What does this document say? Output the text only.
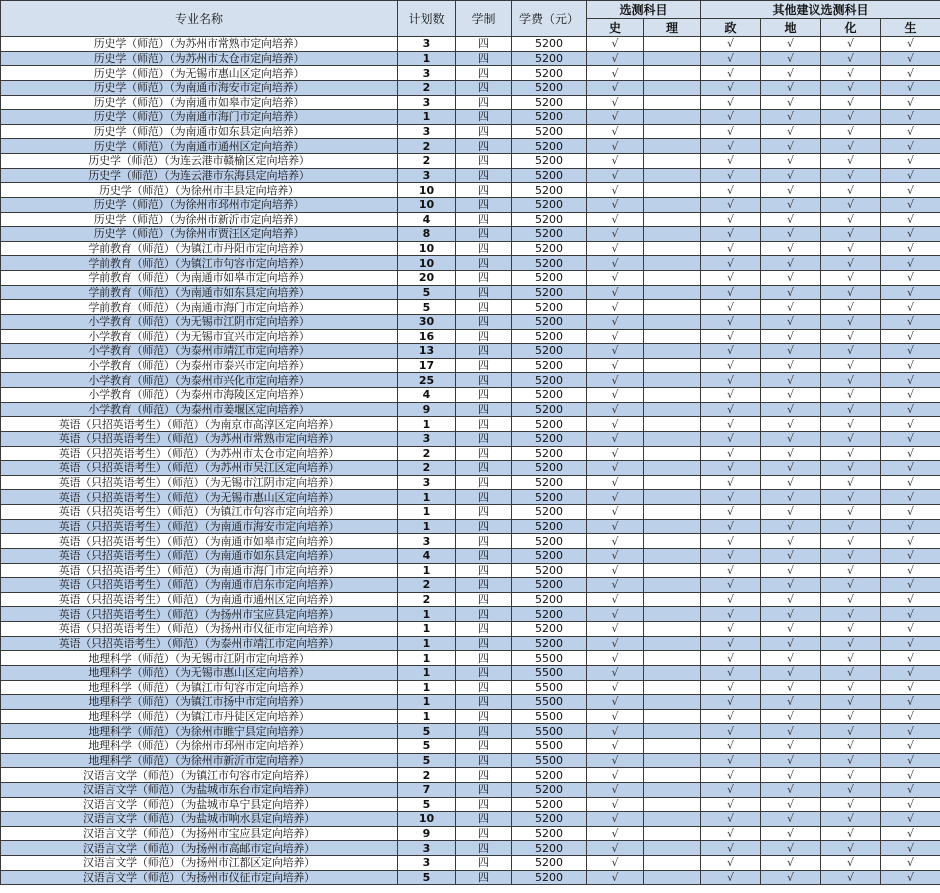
专业名称	计划数	学制	学费（元）	选测科目		其他建议选测科目			
				史	理	政	地	化	生
历史学（师范）（为苏州市常熟市定向培养）	3	四	5200	√		√	√	√	√
历史学（师范）（为苏州市太仓市定向培养）	1	四	5200	√		√	√	√	√
历史学（师范）（为无锡市惠山区定向培养）	3	四	5200	√		√	√	√	√
历史学（师范）（为南通市海安市定向培养）	2	四	5200	√		√	√	√	√
历史学（师范）（为南通市如皋市定向培养）	3	四	5200	√		√	√	√	√
历史学（师范）（为南通市海门市定向培养）	1	四	5200	√		√	√	√	√
历史学（师范）（为南通市如东县定向培养）	3	四	5200	√		√	√	√	√
历史学（师范）（为南通市通州区定向培养）	2	四	5200	√		√	√	√	√
历史学（师范）（为连云港市赣榆区定向培养）	2	四	5200	√		√	√	√	√
历史学（师范）（为连云港市东海县定向培养）	3	四	5200	√		√	√	√	√
历史学（师范）（为徐州市丰县定向培养）	10	四	5200	√		√	√	√	√
历史学（师范）（为徐州市邳州市定向培养）	10	四	5200	√		√	√	√	√
历史学（师范）（为徐州市新沂市定向培养）	4	四	5200	√		√	√	√	√
历史学（师范）（为徐州市贾汪区定向培养）	8	四	5200	√		√	√	√	√
学前教育（师范）（为镇江市丹阳市定向培养）	10	四	5200	√		√	√	√	√
学前教育（师范）（为镇江市句容市定向培养）	10	四	5200	√		√	√	√	√
学前教育（师范）（为南通市如皋市定向培养）	20	四	5200	√		√	√	√	√
学前教育（师范）（为南通市如东县定向培养）	5	四	5200	√		√	√	√	√
学前教育（师范）（为南通市海门市定向培养）	5	四	5200	√		√	√	√	√
小学教育（师范）（为无锡市江阴市定向培养）	30	四	5200	√		√	√	√	√
小学教育（师范）（为无锡市宜兴市定向培养）	16	四	5200	√		√	√	√	√
小学教育（师范）（为泰州市靖江市定向培养）	13	四	5200	√		√	√	√	√
小学教育（师范）（为泰州市泰兴市定向培养）	17	四	5200	√		√	√	√	√
小学教育（师范）（为泰州市兴化市定向培养）	25	四	5200	√		√	√	√	√
小学教育（师范）（为泰州市海陵区定向培养）	4	四	5200	√		√	√	√	√
小学教育（师范）（为泰州市姜堰区定向培养）	9	四	5200	√		√	√	√	√
英语（只招英语考生）（师范）（为南京市高淳区定向培养）	1	四	5200	√		√	√	√	√
英语（只招英语考生）（师范）（为苏州市常熟市定向培养）	3	四	5200	√		√	√	√	√
英语（只招英语考生）（师范）（为苏州市太仓市定向培养）	2	四	5200	√		√	√	√	√
英语（只招英语考生）（师范）（为苏州市吴江区定向培养）	2	四	5200	√		√	√	√	√
英语（只招英语考生）（师范）（为无锡市江阴市定向培养）	3	四	5200	√		√	√	√	√
英语（只招英语考生）（师范）（为无锡市惠山区定向培养）	1	四	5200	√		√	√	√	√
英语（只招英语考生）（师范）（为镇江市句容市定向培养）	1	四	5200	√		√	√	√	√
英语（只招英语考生）（师范）（为南通市海安市定向培养）	1	四	5200	√		√	√	√	√
英语（只招英语考生）（师范）（为南通市如皋市定向培养）	3	四	5200	√		√	√	√	√
英语（只招英语考生）（师范）（为南通市如东县定向培养）	4	四	5200	√		√	√	√	√
英语（只招英语考生）（师范）（为南通市海门市定向培养）	1	四	5200	√		√	√	√	√
英语（只招英语考生）（师范）（为南通市启东市定向培养）	2	四	5200	√		√	√	√	√
英语（只招英语考生）（师范）（为南通市通州区定向培养）	2	四	5200	√		√	√	√	√
英语（只招英语考生）（师范）（为扬州市宝应县定向培养）	1	四	5200	√		√	√	√	√
英语（只招英语考生）（师范）（为扬州市仪征市定向培养）	1	四	5200	√		√	√	√	√
英语（只招英语考生）（师范）（为泰州市靖江市定向培养）	1	四	5200	√		√	√	√	√
地理科学（师范）（为无锡市江阴市定向培养）	1	四	5500	√		√	√	√	√
地理科学（师范）（为无锡市惠山区定向培养）	1	四	5500	√		√	√	√	√
地理科学（师范）（为镇江市句容市定向培养）	1	四	5500	√		√	√	√	√
地理科学（师范）（为镇江市扬中市定向培养）	1	四	5500	√		√	√	√	√
地理科学（师范）（为镇江市丹徒区定向培养）	1	四	5500	√		√	√	√	√
地理科学（师范）（为徐州市睢宁县定向培养）	5	四	5500	√		√	√	√	√
地理科学（师范）（为徐州市邳州市定向培养）	5	四	5500	√		√	√	√	√
地理科学（师范）（为徐州市新沂市定向培养）	5	四	5500	√		√	√	√	√
汉语言文学（师范）（为镇江市句容市定向培养）	2	四	5200	√		√	√	√	√
汉语言文学（师范）（为盐城市东台市定向培养）	7	四	5200	√		√	√	√	√
汉语言文学（师范）（为盐城市阜宁县定向培养）	5	四	5200	√		√	√	√	√
汉语言文学（师范）（为盐城市响水县定向培养）	10	四	5200	√		√	√	√	√
汉语言文学（师范）（为扬州市宝应县定向培养）	9	四	5200	√		√	√	√	√
汉语言文学（师范）（为扬州市高邮市定向培养）	3	四	5200	√		√	√	√	√
汉语言文学（师范）（为扬州市江都区定向培养）	3	四	5200	√		√	√	√	√
汉语言文学（师范）（为扬州市仪征市定向培养）	5	四	5200	√		√	√	√	√
